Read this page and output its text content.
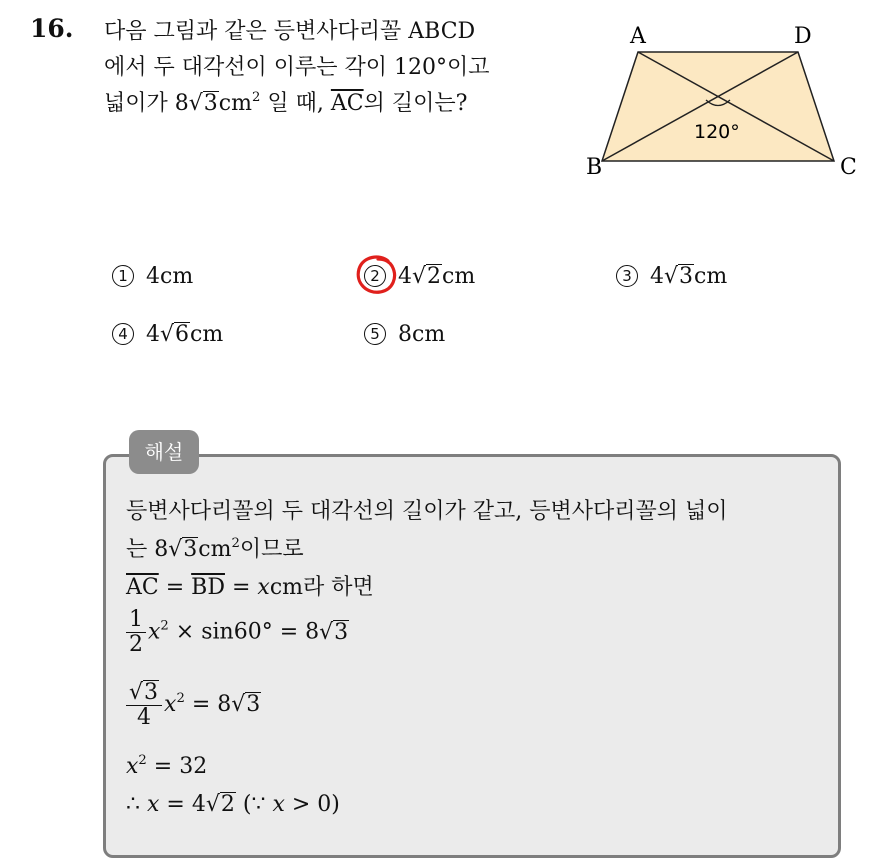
16. 다음 그림과 같은 등변사다리꼴 ABCD
에서 두 대각선이 이루는 각이 120°이고
넓이가 $8√3cm^2$ 일 때, $\overline{AC}$의 길이는?
A	D
B	C
120°
1 4cm	2 4√2cm	3 4√3cm
4 4√6cm	5 8cm
해설
등변사다리꼴의 두 대각선의 길이가 같고, 등변사다리꼴의 넓이
는 $8√3cm^2$이므로
$\overline{AC} = \overline{BD}$ = xcm라 하면
$\frac{1}{2} x^2 \times \sin 60^\circ = 8√3$
$\frac{√3}{4} x^2 = 8√3$
$x^2 = 32$
∴ x = 4√2 (∵ x > 0)
